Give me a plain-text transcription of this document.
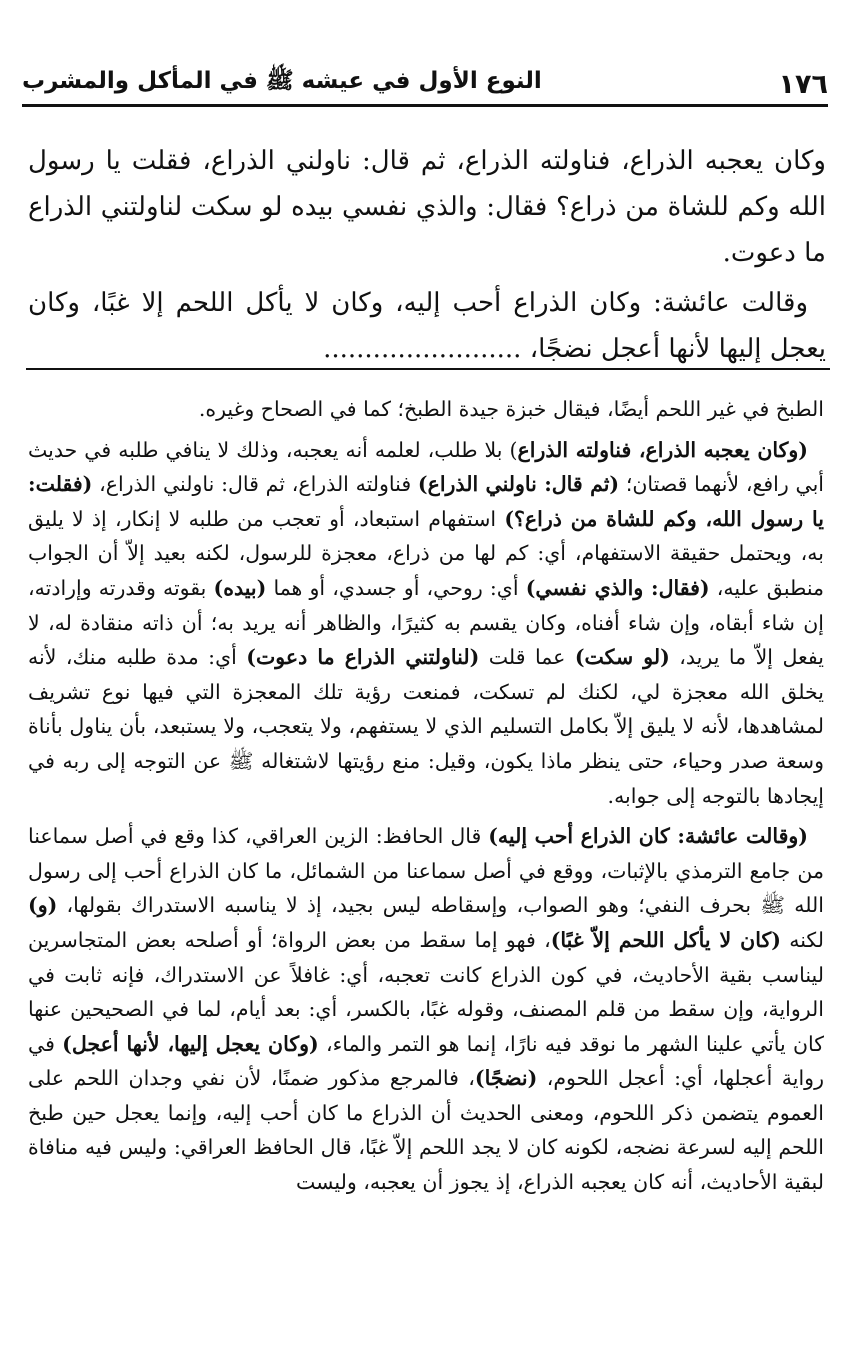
١٧٦
النوع الأول في عيشه ﷺ في المأكل والمشرب

وكان يعجبه الذراع، فناولته الذراع، ثم قال: ناولني الذراع، فقلت يا رسول الله وكم للشاة من ذراع؟ فقال: والذي نفسي بيده لو سكت لناولتني الذراع ما دعوت.

وقالت عائشة: وكان الذراع أحب إليه، وكان لا يأكل اللحم إلا غبًا، وكان يعجل إليها لأنها أعجل نضجًا، ........................

الطبخ في غير اللحم أيضًا، فيقال خبزة جيدة الطبخ؛ كما في الصحاح وغيره.

(وكان يعجبه الذراع، فناولته الذراع) بلا طلب، لعلمه أنه يعجبه، وذلك لا ينافي طلبه في حديث أبي رافع، لأنهما قصتان؛ (ثم قال: ناولني الذراع) فناولته الذراع، ثم قال: ناولني الذراع، (فقلت: يا رسول الله، وكم للشاة من ذراع؟) استفهام استبعاد، أو تعجب من طلبه لا إنكار، إذ لا يليق به، ويحتمل حقيقة الاستفهام، أي: كم لها من ذراع، معجزة للرسول، لكنه بعيد إلاّ أن الجواب منطبق عليه، (فقال: والذي نفسي) أي: روحي، أو جسدي، أو هما (بيده) بقوته وقدرته وإرادته، إن شاء أبقاه، وإن شاء أفناه، وكان يقسم به كثيرًا، والظاهر أنه يريد به؛ أن ذاته منقادة له، لا يفعل إلاّ ما يريد، (لو سكت) عما قلت (لناولتني الذراع ما دعوت) أي: مدة طلبه منك، لأنه يخلق الله معجزة لي، لكنك لم تسكت، فمنعت رؤية تلك المعجزة التي فيها نوع تشريف لمشاهدها، لأنه لا يليق إلاّ بكامل التسليم الذي لا يستفهم، ولا يتعجب، ولا يستبعد، بأن يناول بأناة وسعة صدر وحياء، حتى ينظر ماذا يكون، وقيل: منع رؤيتها لاشتغاله ﷺ عن التوجه إلى ربه في إيجادها بالتوجه إلى جوابه.

(وقالت عائشة: كان الذراع أحب إليه) قال الحافظ: الزين العراقي، كذا وقع في أصل سماعنا من جامع الترمذي بالإثبات، ووقع في أصل سماعنا من الشمائل، ما كان الذراع أحب إلى رسول الله ﷺ بحرف النفي؛ وهو الصواب، وإسقاطه ليس بجيد، إذ لا يناسبه الاستدراك بقولها، (و) لكنه (كان لا يأكل اللحم إلاّ غبًا)، فهو إما سقط من بعض الرواة؛ أو أصلحه بعض المتجاسرين ليناسب بقية الأحاديث، في كون الذراع كانت تعجبه، أي: غافلاً عن الاستدراك، فإنه ثابت في الرواية، وإن سقط من قلم المصنف، وقوله غبًا، بالكسر، أي: بعد أيام، لما في الصحيحين عنها كان يأتي علينا الشهر ما نوقد فيه نارًا، إنما هو التمر والماء، (وكان يعجل إليها، لأنها أعجل) في رواية أعجلها، أي: أعجل اللحوم، (نضجًا)، فالمرجع مذكور ضمنًا، لأن نفي وجدان اللحم على العموم يتضمن ذكر اللحوم، ومعنى الحديث أن الذراع ما كان أحب إليه، وإنما يعجل حين طبخ اللحم إليه لسرعة نضجه، لكونه كان لا يجد اللحم إلاّ غبًا، قال الحافظ العراقي: وليس فيه منافاة لبقية الأحاديث، أنه كان يعجبه الذراع، إذ يجوز أن يعجبه، وليست
